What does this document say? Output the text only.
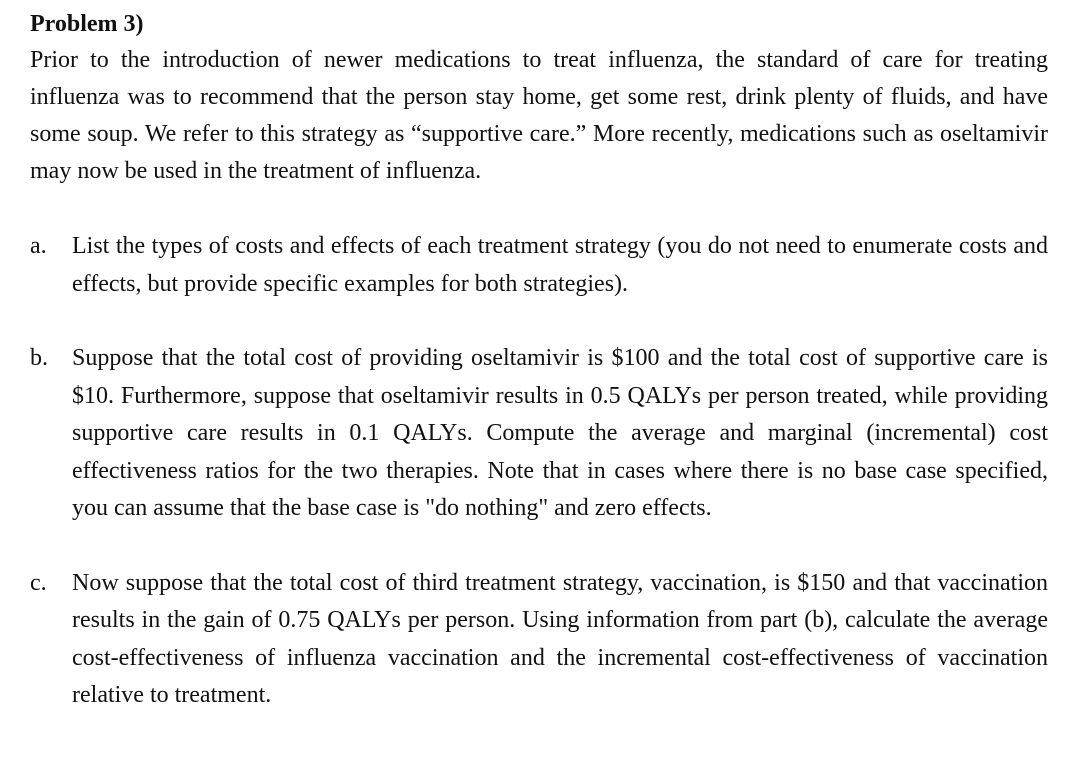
Problem 3)

Prior to the introduction of newer medications to treat influenza, the standard of care for treating influenza was to recommend that the person stay home, get some rest, drink plenty of fluids, and have some soup. We refer to this strategy as “supportive care.” More recently, medications such as oseltamivir may now be used in the treatment of influenza.

a. List the types of costs and effects of each treatment strategy (you do not need to enumerate costs and effects, but provide specific examples for both strategies).
b. Suppose that the total cost of providing oseltamivir is $100 and the total cost of supportive care is $10. Furthermore, suppose that oseltamivir results in 0.5 QALYs per person treated, while providing supportive care results in 0.1 QALYs. Compute the average and marginal (incremental) cost effectiveness ratios for the two therapies. Note that in cases where there is no base case specified, you can assume that the base case is "do nothing" and zero effects.
c. Now suppose that the total cost of third treatment strategy, vaccination, is $150 and that vaccination results in the gain of 0.75 QALYs per person. Using information from part (b), calculate the average cost-effectiveness of influenza vaccination and the incremental cost-effectiveness of vaccination relative to treatment.
